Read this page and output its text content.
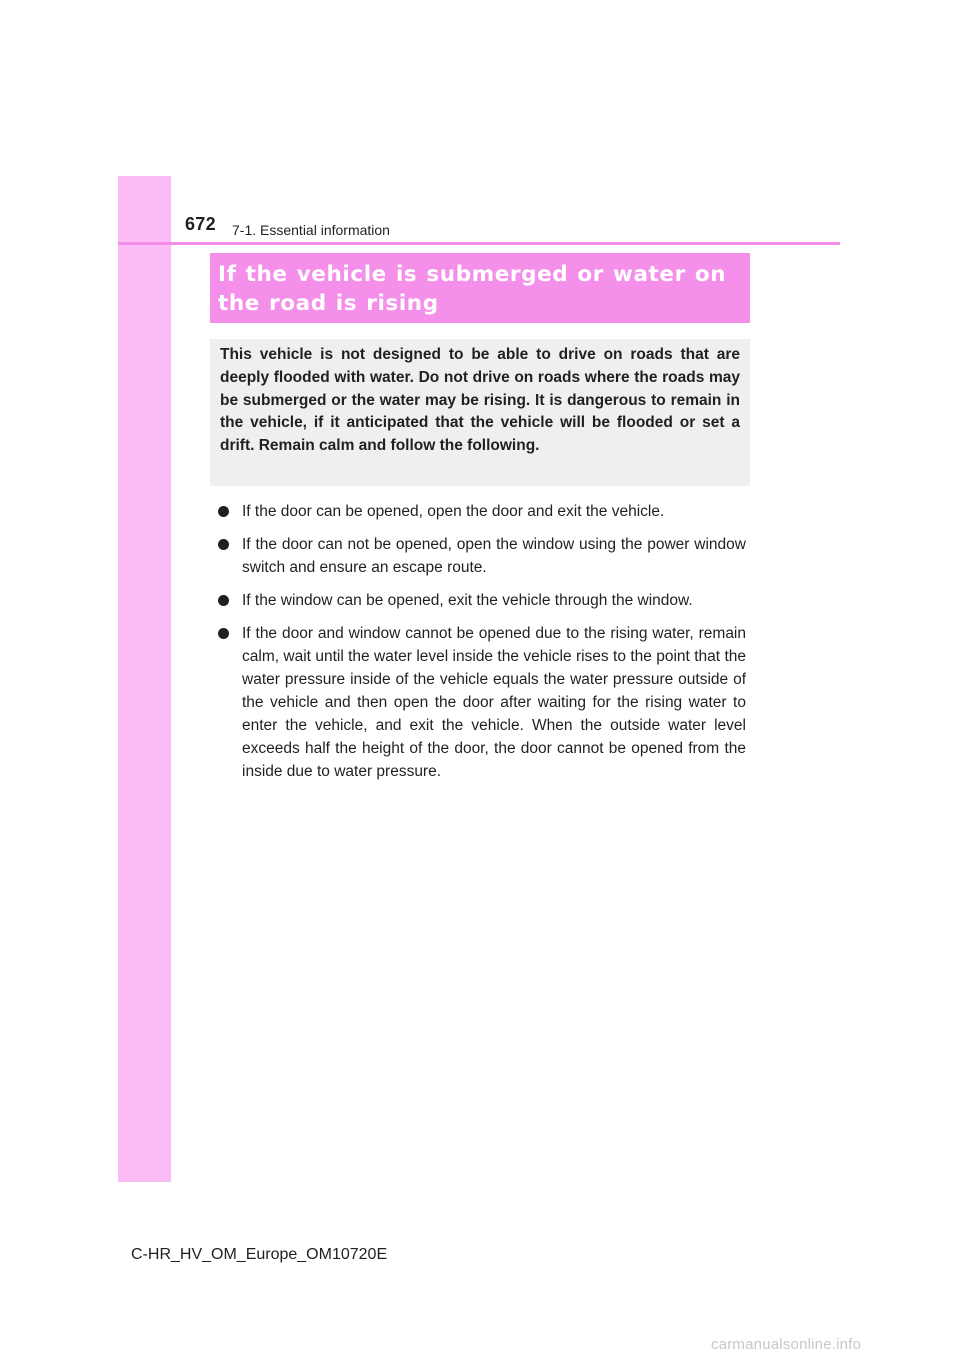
672 7-1. Essential information
If the vehicle is submerged or water on the road is rising
This vehicle is not designed to be able to drive on roads that are deeply flooded with water. Do not drive on roads where the roads may be submerged or the water may be rising. It is dangerous to remain in the vehicle, if it anticipated that the vehicle will be flooded or set a drift. Remain calm and follow the following.
If the door can be opened, open the door and exit the vehicle.
If the door can not be opened, open the window using the power window switch and ensure an escape route.
If the window can be opened, exit the vehicle through the window.
If the door and window cannot be opened due to the rising water, remain calm, wait until the water level inside the vehicle rises to the point that the water pressure inside of the vehicle equals the water pressure outside of the vehicle and then open the door after waiting for the rising water to enter the vehicle, and exit the vehicle. When the outside water level exceeds half the height of the door, the door cannot be opened from the inside due to water pressure.
C-HR_HV_OM_Europe_OM10720E
carmanualsonline.info
